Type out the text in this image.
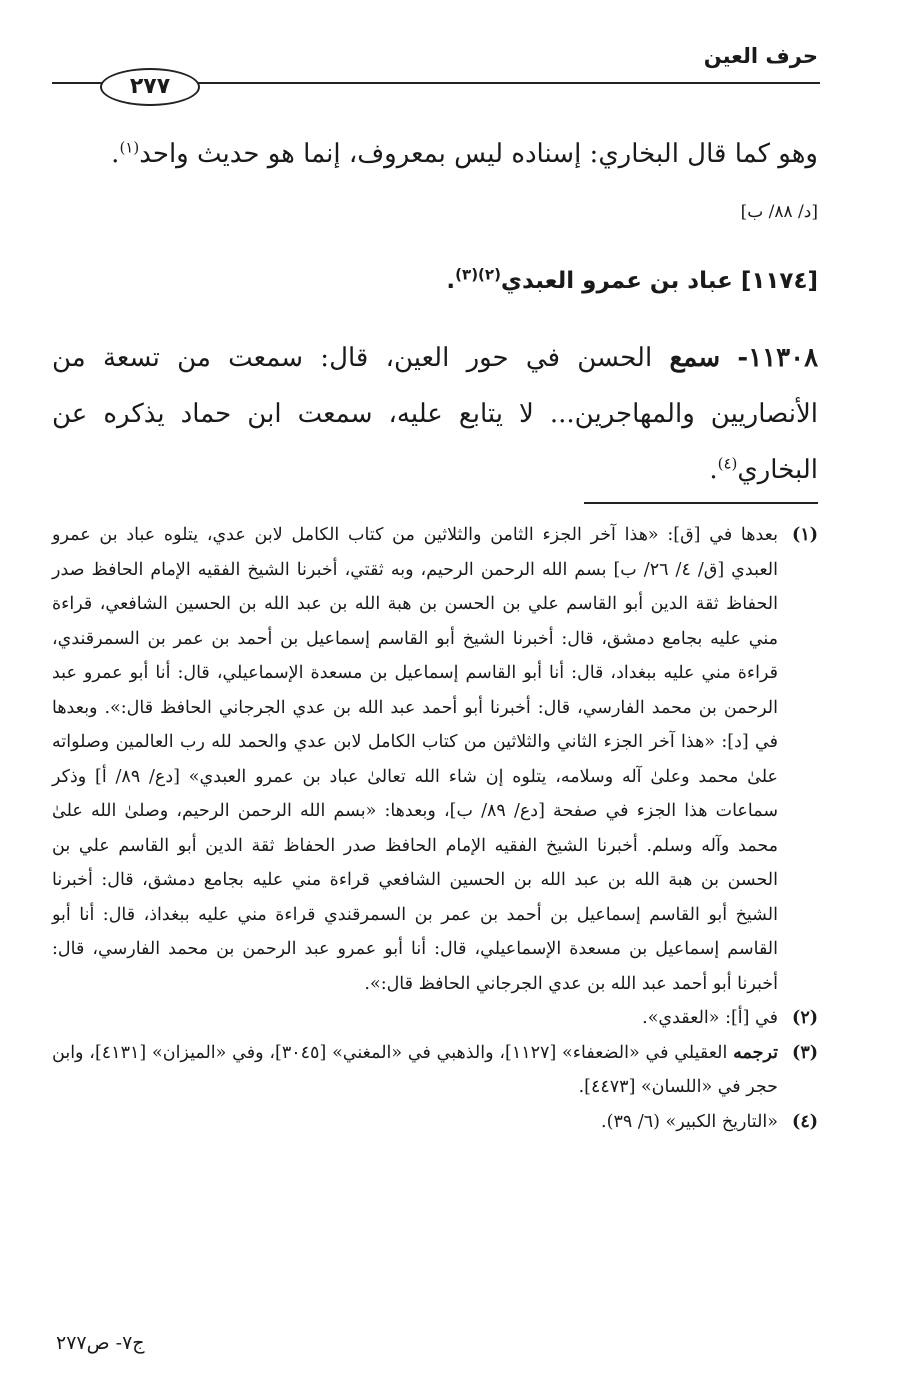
حرف العين
٢٧٧
وهو كما قال البخاري: إسناده ليس بمعروف، إنما هو حديث واحد$^{(١)}$.
[د/ ٨٨/ ب]
[١١٧٤] عباد بن عمرو العبدي$^{(٢)(٣)}$.
١١٣٠٨- سمع الحسن في حور العين، قال: سمعت من تسعة من الأنصاريين والمهاجرين... لا يتابع عليه، سمعت ابن حماد يذكره عن البخاري$^{(٤)}$.
(١)
بعدها في [ق]: «هذا آخر الجزء الثامن والثلاثين من كتاب الكامل لابن عدي، يتلوه عباد بن عمرو العبدي [ق/ ٤/ ٢٦/ ب] بسم الله الرحمن الرحيم، وبه ثقتي، أخبرنا الشيخ الفقيه الإمام الحافظ صدر الحفاظ ثقة الدين أبو القاسم علي بن الحسن بن هبة الله بن عبد الله بن الحسين الشافعي، قراءة مني عليه بجامع دمشق، قال: أخبرنا الشيخ أبو القاسم إسماعيل بن أحمد بن عمر بن السمرقندي، قراءة مني عليه ببغداد، قال: أنا أبو القاسم إسماعيل بن مسعدة الإسماعيلي، قال: أنا أبو عمرو عبد الرحمن بن محمد الفارسي، قال: أخبرنا أبو أحمد عبد الله بن عدي الجرجاني الحافظ قال:». وبعدها في [د]: «هذا آخر الجزء الثاني والثلاثين من كتاب الكامل لابن عدي والحمد لله رب العالمين وصلواته علىٰ محمد وعلىٰ آله وسلامه، يتلوه إن شاء الله تعالىٰ عباد بن عمرو العبدي» [دع/ ٨٩/ أ] وذكر سماعات هذا الجزء في صفحة [دع/ ٨٩/ ب]، وبعدها: «بسم الله الرحمن الرحيم، وصلىٰ الله علىٰ محمد وآله وسلم. أخبرنا الشيخ الفقيه الإمام الحافظ صدر الحفاظ ثقة الدين أبو القاسم علي بن الحسن بن هبة الله بن عبد الله بن الحسين الشافعي قراءة مني عليه بجامع دمشق، قال: أخبرنا الشيخ أبو القاسم إسماعيل بن أحمد بن عمر بن السمرقندي قراءة مني عليه ببغداذ، قال: أنا أبو القاسم إسماعيل بن مسعدة الإسماعيلي، قال: أنا أبو عمرو عبد الرحمن بن محمد الفارسي، قال: أخبرنا أبو أحمد عبد الله بن عدي الجرجاني الحافظ قال:».
(٢)
في [أ]: «العقدي».
(٣)
ترجمه العقيلي في «الضعفاء» [١١٢٧]، والذهبي في «المغني» [٣٠٤٥]، وفي «الميزان» [٤١٣١]، وابن حجر في «اللسان» [٤٤٧٣].
(٤)
«التاريخ الكبير» (٦/ ٣٩).
ج٧- ص٢٧٧
